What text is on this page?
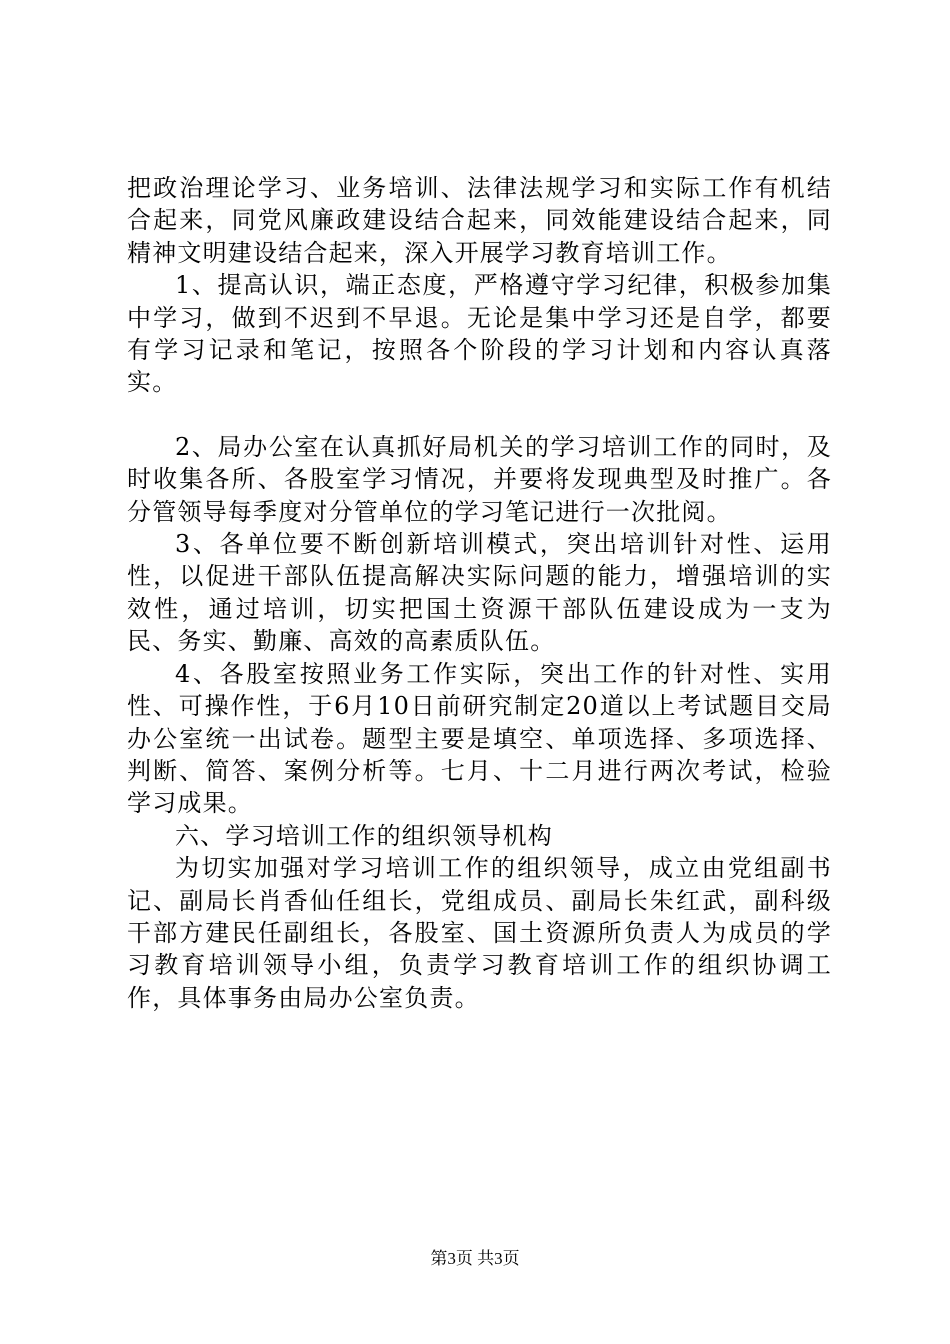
把政治理论学习、业务培训、法律法规学习和实际工作有机结合起来，同党风廉政建设结合起来，同效能建设结合起来，同精神文明建设结合起来，深入开展学习教育培训工作。

1、提高认识，端正态度，严格遵守学习纪律，积极参加集中学习，做到不迟到不早退。无论是集中学习还是自学，都要有学习记录和笔记，按照各个阶段的学习计划和内容认真落实。

2、局办公室在认真抓好局机关的学习培训工作的同时，及时收集各所、各股室学习情况，并要将发现典型及时推广。各分管领导每季度对分管单位的学习笔记进行一次批阅。

3、各单位要不断创新培训模式，突出培训针对性、运用性，以促进干部队伍提高解决实际问题的能力，增强培训的实效性，通过培训，切实把国土资源干部队伍建设成为一支为民、务实、勤廉、高效的高素质队伍。

4、各股室按照业务工作实际，突出工作的针对性、实用性、可操作性，于6月10日前研究制定20道以上考试题目交局办公室统一出试卷。题型主要是填空、单项选择、多项选择、判断、简答、案例分析等。七月、十二月进行两次考试，检验学习成果。

六、学习培训工作的组织领导机构

为切实加强对学习培训工作的组织领导，成立由党组副书记、副局长肖香仙任组长，党组成员、副局长朱红武，副科级干部方建民任副组长，各股室、国土资源所负责人为成员的学习教育培训领导小组，负责学习教育培训工作的组织协调工作，具体事务由局办公室负责。

第3页 共3页
